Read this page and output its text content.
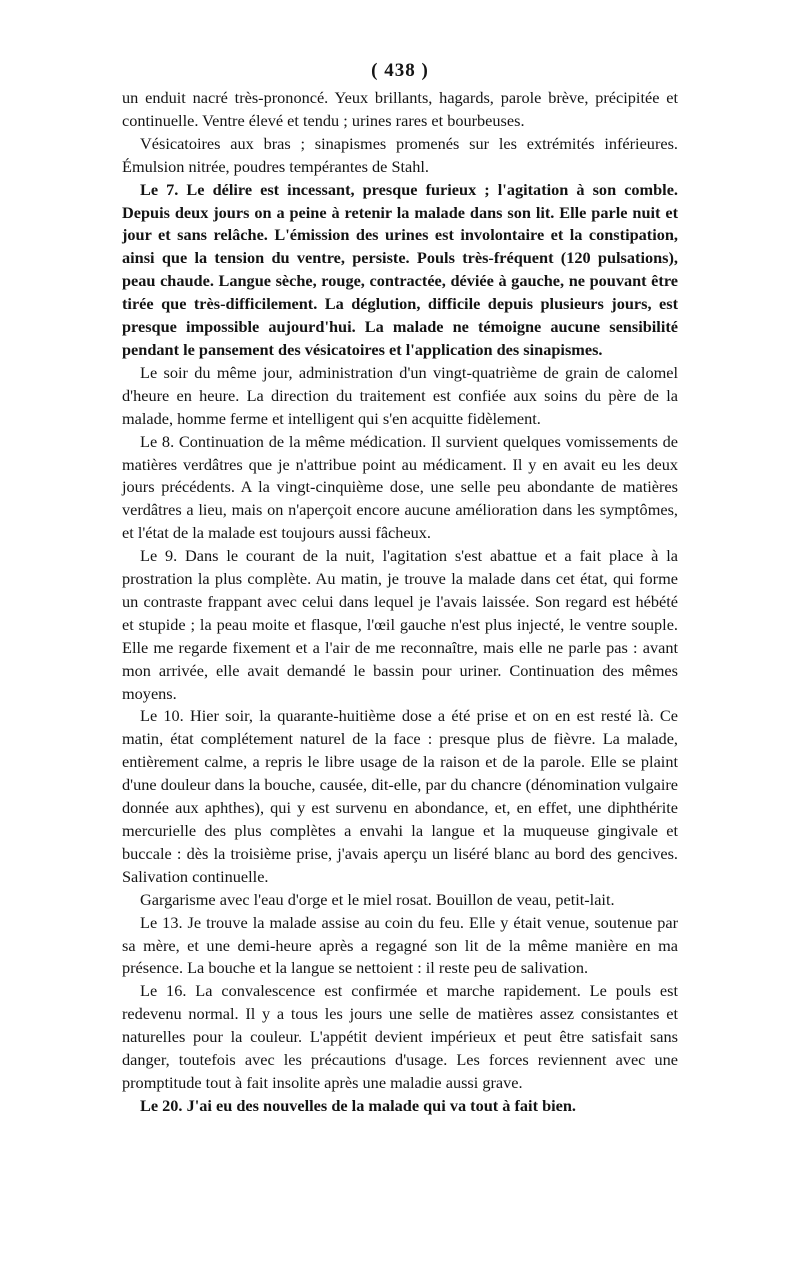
( 438 )

un enduit nacré très-prononcé. Yeux brillants, hagards, parole brève, précipitée et continuelle. Ventre élevé et tendu ; urines rares et bourbeuses.

Vésicatoires aux bras ; sinapismes promenés sur les extrémités inférieures. Émulsion nitrée, poudres tempérantes de Stahl.

Le 7. Le délire est incessant, presque furieux ; l'agitation à son comble. Depuis deux jours on a peine à retenir la malade dans son lit. Elle parle nuit et jour et sans relâche. L'émission des urines est involontaire et la constipation, ainsi que la tension du ventre, persiste. Pouls très-fréquent (120 pulsations), peau chaude. Langue sèche, rouge, contractée, déviée à gauche, ne pouvant être tirée que très-difficilement. La déglution, difficile depuis plusieurs jours, est presque impossible aujourd'hui. La malade ne témoigne aucune sensibilité pendant le pansement des vésicatoires et l'application des sinapismes.

Le soir du même jour, administration d'un vingt-quatrième de grain de calomel d'heure en heure. La direction du traitement est confiée aux soins du père de la malade, homme ferme et intelligent qui s'en acquitte fidèlement.

Le 8. Continuation de la même médication. Il survient quelques vomissements de matières verdâtres que je n'attribue point au médicament. Il y en avait eu les deux jours précédents. A la vingt-cinquième dose, une selle peu abondante de matières verdâtres a lieu, mais on n'aperçoit encore aucune amélioration dans les symptômes, et l'état de la malade est toujours aussi fâcheux.

Le 9. Dans le courant de la nuit, l'agitation s'est abattue et a fait place à la prostration la plus complète. Au matin, je trouve la malade dans cet état, qui forme un contraste frappant avec celui dans lequel je l'avais laissée. Son regard est hébété et stupide ; la peau moite et flasque, l'œil gauche n'est plus injecté, le ventre souple. Elle me regarde fixement et a l'air de me reconnaître, mais elle ne parle pas : avant mon arrivée, elle avait demandé le bassin pour uriner. Continuation des mêmes moyens.

Le 10. Hier soir, la quarante-huitième dose a été prise et on en est resté là. Ce matin, état complétement naturel de la face : presque plus de fièvre. La malade, entièrement calme, a repris le libre usage de la raison et de la parole. Elle se plaint d'une douleur dans la bouche, causée, dit-elle, par du chancre (dénomination vulgaire donnée aux aphthes), qui y est survenu en abondance, et, en effet, une diphthérite mercurielle des plus complètes a envahi la langue et la muqueuse gingivale et buccale : dès la troisième prise, j'avais aperçu un liséré blanc au bord des gencives. Salivation continuelle.

Gargarisme avec l'eau d'orge et le miel rosat. Bouillon de veau, petit-lait.

Le 13. Je trouve la malade assise au coin du feu. Elle y était venue, soutenue par sa mère, et une demi-heure après a regagné son lit de la même manière en ma présence. La bouche et la langue se nettoient : il reste peu de salivation.

Le 16. La convalescence est confirmée et marche rapidement. Le pouls est redevenu normal. Il y a tous les jours une selle de matières assez consistantes et naturelles pour la couleur. L'appétit devient impérieux et peut être satisfait sans danger, toutefois avec les précautions d'usage. Les forces reviennent avec une promptitude tout à fait insolite après une maladie aussi grave.

Le 20. J'ai eu des nouvelles de la malade qui va tout à fait bien.
